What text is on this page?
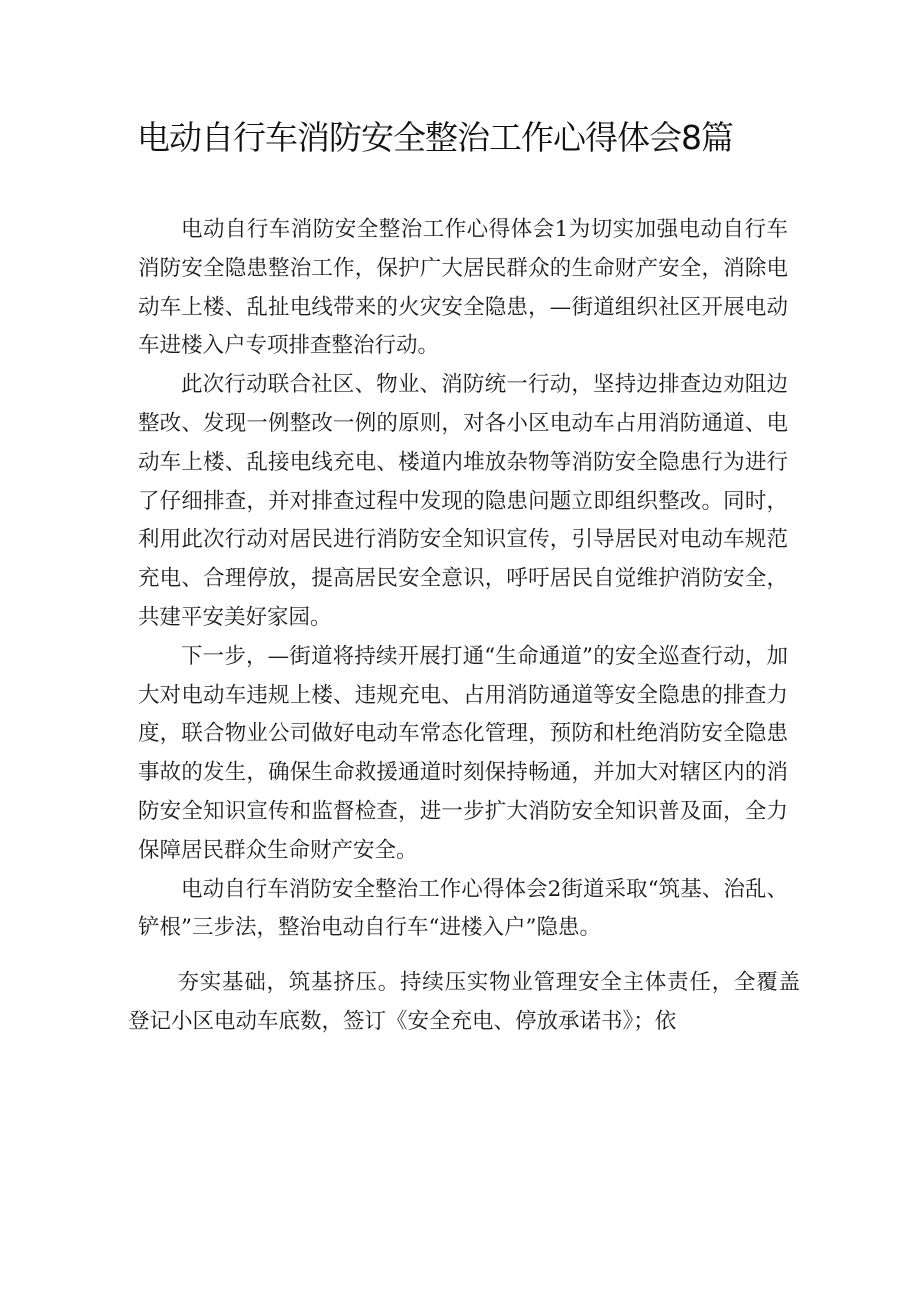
电动自行车消防安全整治工作心得体会8篇

电动自行车消防安全整治工作心得体会1为切实加强电动自行车消防安全隐患整治工作，保护广大居民群众的生命财产安全，消除电动车上楼、乱扯电线带来的火灾安全隐患，—街道组织社区开展电动车进楼入户专项排查整治行动。

此次行动联合社区、物业、消防统一行动，坚持边排查边劝阻边整改、发现一例整改一例的原则，对各小区电动车占用消防通道、电动车上楼、乱接电线充电、楼道内堆放杂物等消防安全隐患行为进行了仔细排查，并对排查过程中发现的隐患问题立即组织整改。同时，利用此次行动对居民进行消防安全知识宣传，引导居民对电动车规范充电、合理停放，提高居民安全意识，呼吁居民自觉维护消防安全，共建平安美好家园。

下一步，—街道将持续开展打通“生命通道”的安全巡查行动，加大对电动车违规上楼、违规充电、占用消防通道等安全隐患的排查力度，联合物业公司做好电动车常态化管理，预防和杜绝消防安全隐患事故的发生，确保生命救援通道时刻保持畅通，并加大对辖区内的消防安全知识宣传和监督检查，进一步扩大消防安全知识普及面，全力保障居民群众生命财产安全。

电动自行车消防安全整治工作心得体会2街道采取“筑基、治乱、铲根”三步法，整治电动自行车“进楼入户”隐患。

夯实基础，筑基挤压。持续压实物业管理安全主体责任，全覆盖登记小区电动车底数，签订《安全充电、停放承诺书》；依
